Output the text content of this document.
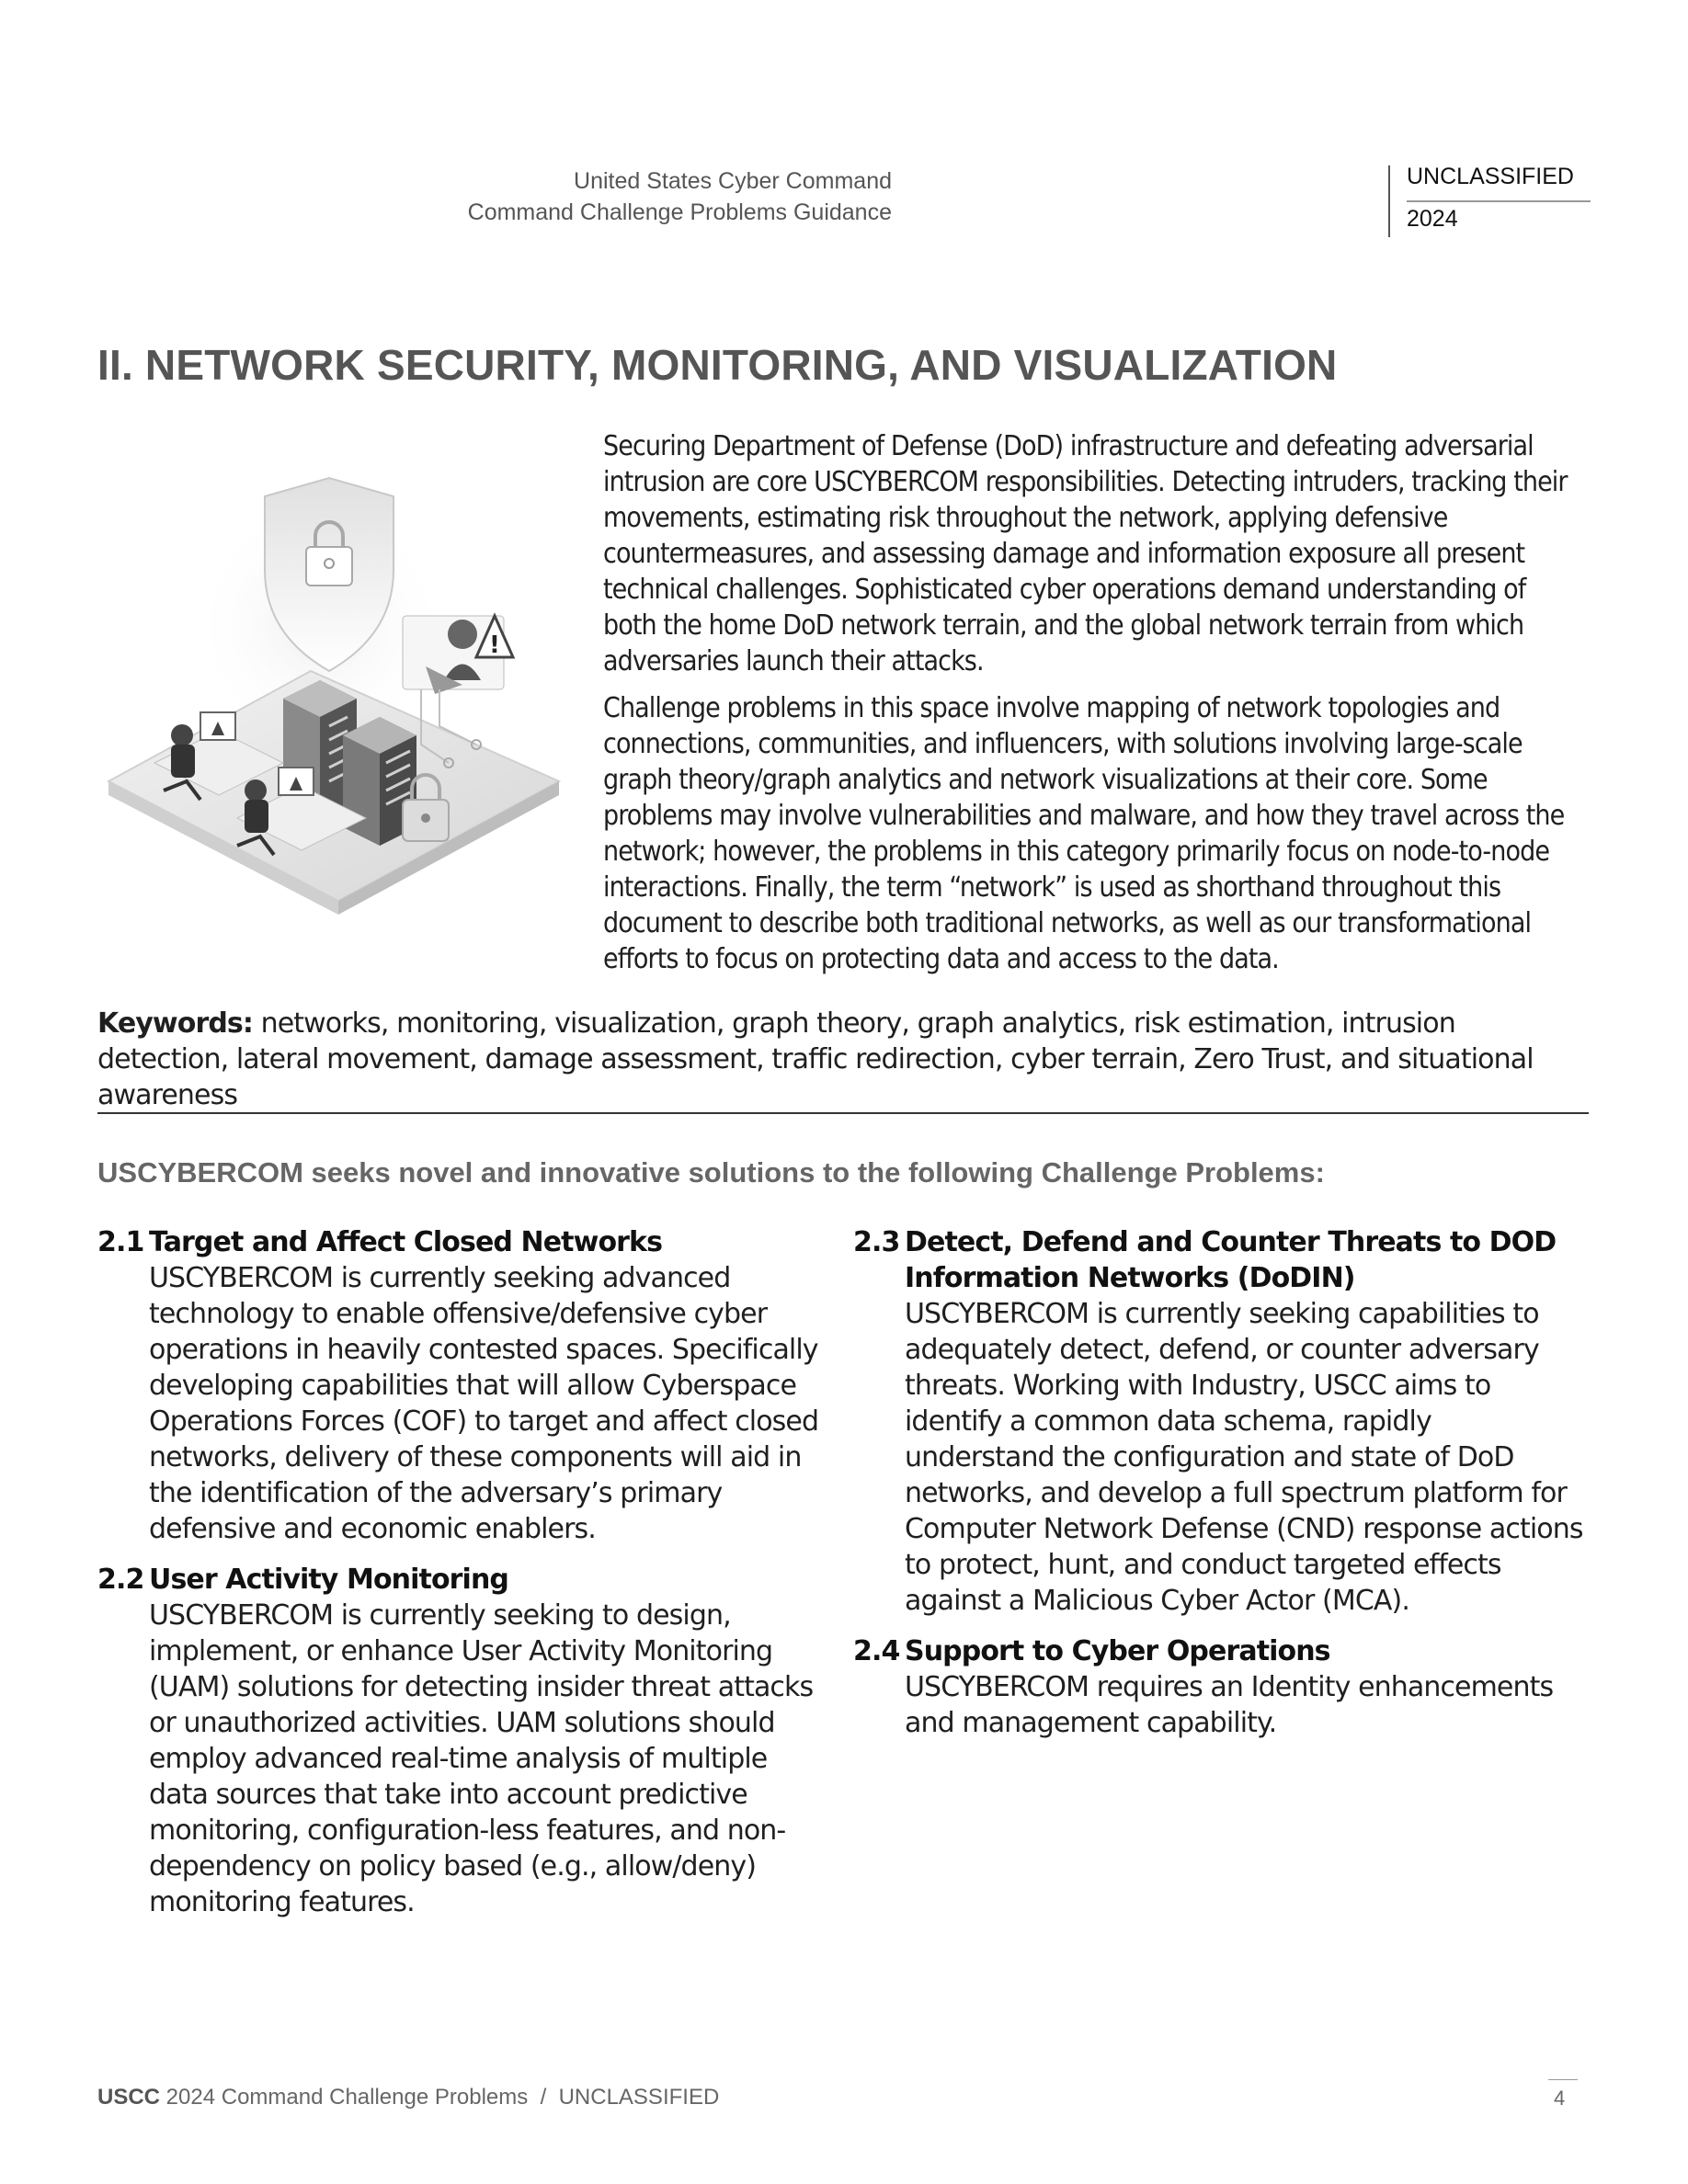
United States Cyber Command
Command Challenge Problems Guidance
UNCLASSIFIED
2024
II. NETWORK SECURITY, MONITORING, AND VISUALIZATION
!

Securing Department of Defense (DoD) infrastructure and defeating adversarial intrusion are core USCYBERCOM responsibilities. Detecting intruders, tracking their movements, estimating risk throughout the network, applying defensive countermeasures, and assessing damage and information exposure all present technical challenges. Sophisticated cyber operations demand understanding of both the home DoD network terrain, and the global network terrain from which adversaries launch their attacks.

Challenge problems in this space involve mapping of network topologies and connections, communities, and influencers, with solutions involving large-scale graph theory/graph analytics and network visualizations at their core. Some problems may involve vulnerabilities and malware, and how they travel across the network; however, the problems in this category primarily focus on node-to-node interactions. Finally, the term “network” is used as shorthand throughout this document to describe both traditional networks, as well as our transformational efforts to focus on protecting data and access to the data.

Keywords: networks, monitoring, visualization, graph theory, graph analytics, risk estimation, intrusion detection, lateral movement, damage assessment, traffic redirection, cyber terrain, Zero Trust, and situational awareness
USCYBERCOM seeks novel and innovative solutions to the following Challenge Problems:
2.1 Target and Affect Closed Networks
USCYBERCOM is currently seeking advanced technology to enable offensive/defensive cyber operations in heavily contested spaces. Specifically developing capabilities that will allow Cyberspace Operations Forces (COF) to target and affect closed networks, delivery of these components will aid in the identification of the adversary’s primary defensive and economic enablers.
2.2 User Activity Monitoring
USCYBERCOM is currently seeking to design, implement, or enhance User Activity Monitoring (UAM) solutions for detecting insider threat attacks or unauthorized activities. UAM solutions should employ advanced real-time analysis of multiple data sources that take into account predictive monitoring, configuration-less features, and non- dependency on policy based (e.g., allow/deny) monitoring features.
2.3 Detect, Defend and Counter Threats to DOD Information Networks (DoDIN)
USCYBERCOM is currently seeking capabilities to adequately detect, defend, or counter adversary threats. Working with Industry, USCC aims to identify a common data schema, rapidly understand the configuration and state of DoD networks, and develop a full spectrum platform for Computer Network Defense (CND) response actions to protect, hunt, and conduct targeted effects against a Malicious Cyber Actor (MCA).
2.4 Support to Cyber Operations
USCYBERCOM requires an Identity enhancements and management capability.
USCC 2024 Command Challenge Problems  /  UNCLASSIFIED	4
